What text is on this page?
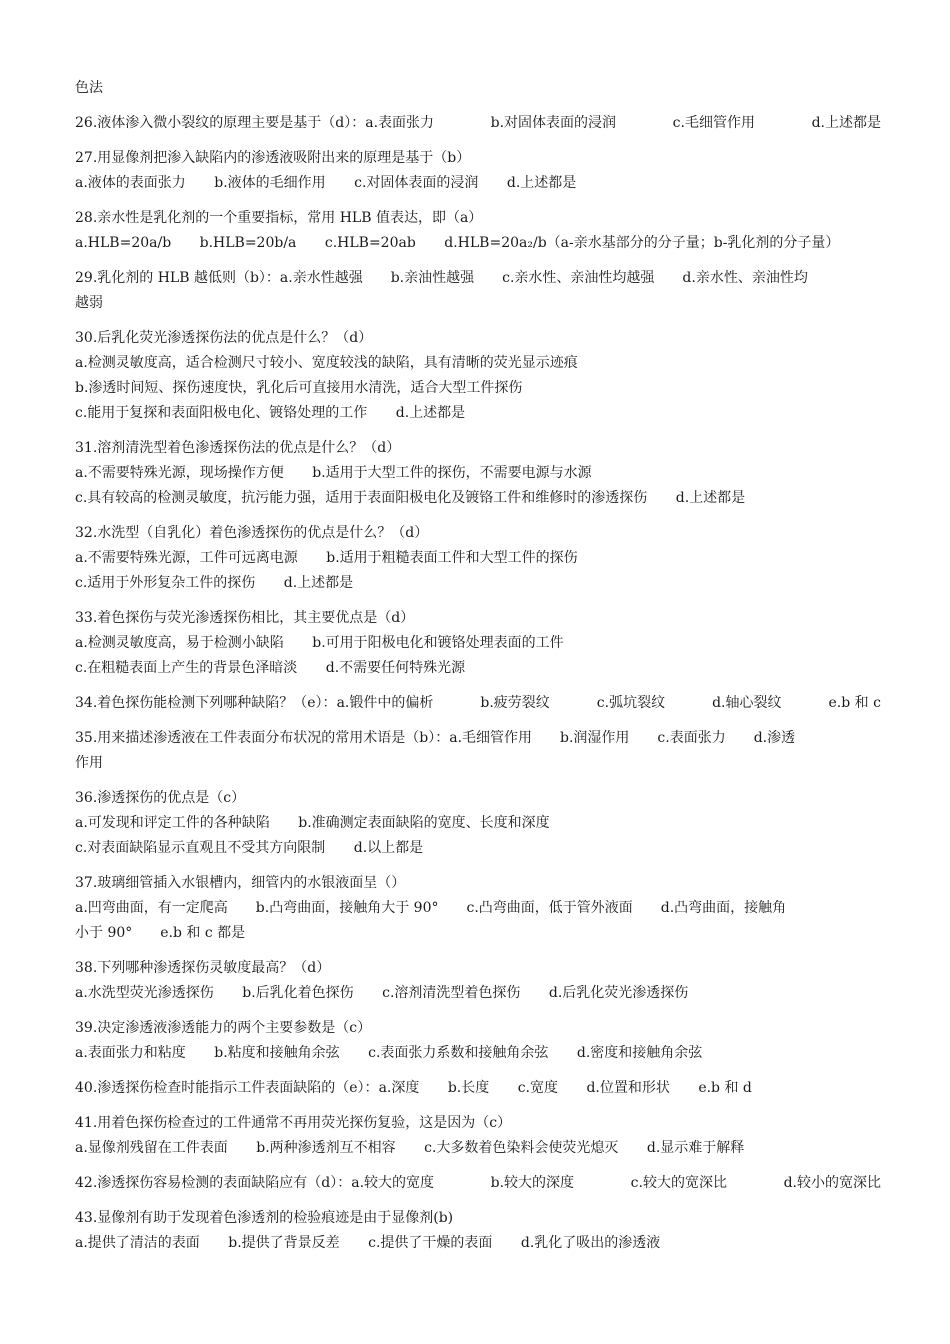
色法
26.液体渗入微小裂纹的原理主要是基于（d）：a.表面张力	b.对固体表面的浸润	c.毛细管作用	d.上述都是
27.用显像剂把渗入缺陷内的渗透液吸附出来的原理是基于（b）
a.液体的表面张力 b.液体的毛细作用 c.对固体表面的浸润 d.上述都是
28.亲水性是乳化剂的一个重要指标，常用 HLB 值表达，即（a）
a.HLB=20a/b b.HLB=20b/a c.HLB=20ab d.HLB=20a₂/b（a-亲水基部分的分子量；b-乳化剂的分子量）
29.乳化剂的 HLB 越低则（b）：a.亲水性越强　　b.亲油性越强　　c.亲水性、亲油性均越强　　d.亲水性、亲油性均
越弱
30.后乳化荧光渗透探伤法的优点是什么？（d）
a.检测灵敏度高，适合检测尺寸较小、宽度较浅的缺陷，具有清晰的荧光显示迹痕
b.渗透时间短、探伤速度快，乳化后可直接用水清洗，适合大型工件探伤
c.能用于复探和表面阳极电化、镀铬处理的工作 d.上述都是
31.溶剂清洗型着色渗透探伤法的优点是什么？（d）
a.不需要特殊光源，现场操作方便 b.适用于大型工件的探伤，不需要电源与水源
c.具有较高的检测灵敏度，抗污能力强，适用于表面阳极电化及镀铬工件和维修时的渗透探伤 d.上述都是
32.水洗型（自乳化）着色渗透探伤的优点是什么？（d）
a.不需要特殊光源，工件可远离电源 b.适用于粗糙表面工件和大型工件的探伤
c.适用于外形复杂工件的探伤 d.上述都是
33.着色探伤与荧光渗透探伤相比，其主要优点是（d）
a.检测灵敏度高，易于检测小缺陷 b.可用于阳极电化和镀铬处理表面的工件
c.在粗糙表面上产生的背景色泽暗淡 d.不需要任何特殊光源
34.着色探伤能检测下列哪种缺陷？（e）：a.锻件中的偏析	b.疲劳裂纹	c.弧坑裂纹	d.轴心裂纹	e.b 和 c
35.用来描述渗透液在工件表面分布状况的常用术语是（b）：a.毛细管作用　　b.润湿作用　　c.表面张力　　d.渗透
作用
36.渗透探伤的优点是（c）
a.可发现和评定工件的各种缺陷 b.准确测定表面缺陷的宽度、长度和深度
c.对表面缺陷显示直观且不受其方向限制 d.以上都是
37.玻璃细管插入水银槽内，细管内的水银液面呈（）
a.凹弯曲面，有一定爬高　　b.凸弯曲面，接触角大于 90°　　c.凸弯曲面，低于管外液面　　d.凸弯曲面，接触角
小于 90°　　e.b 和 c 都是
38.下列哪种渗透探伤灵敏度最高？（d）
a.水洗型荧光渗透探伤 b.后乳化着色探伤 c.溶剂清洗型着色探伤 d.后乳化荧光渗透探伤
39.决定渗透液渗透能力的两个主要参数是（c）
a.表面张力和粘度 b.粘度和接触角余弦 c.表面张力系数和接触角余弦 d.密度和接触角余弦
40.渗透探伤检查时能指示工件表面缺陷的（e）：a.深度 b.长度 c.宽度 d.位置和形状 e.b 和 d
41.用着色探伤检查过的工件通常不再用荧光探伤复验，这是因为（c）
a.显像剂残留在工件表面 b.两种渗透剂互不相容 c.大多数着色染料会使荧光熄灭 d.显示难于解释
42.渗透探伤容易检测的表面缺陷应有（d）：a.较大的宽度	b.较大的深度	c.较大的宽深比	d.较小的宽深比
43.显像剂有助于发现着色渗透剂的检验痕迹是由于显像剂(b)
a.提供了清洁的表面 b.提供了背景反差 c.提供了干燥的表面 d.乳化了吸出的渗透液
